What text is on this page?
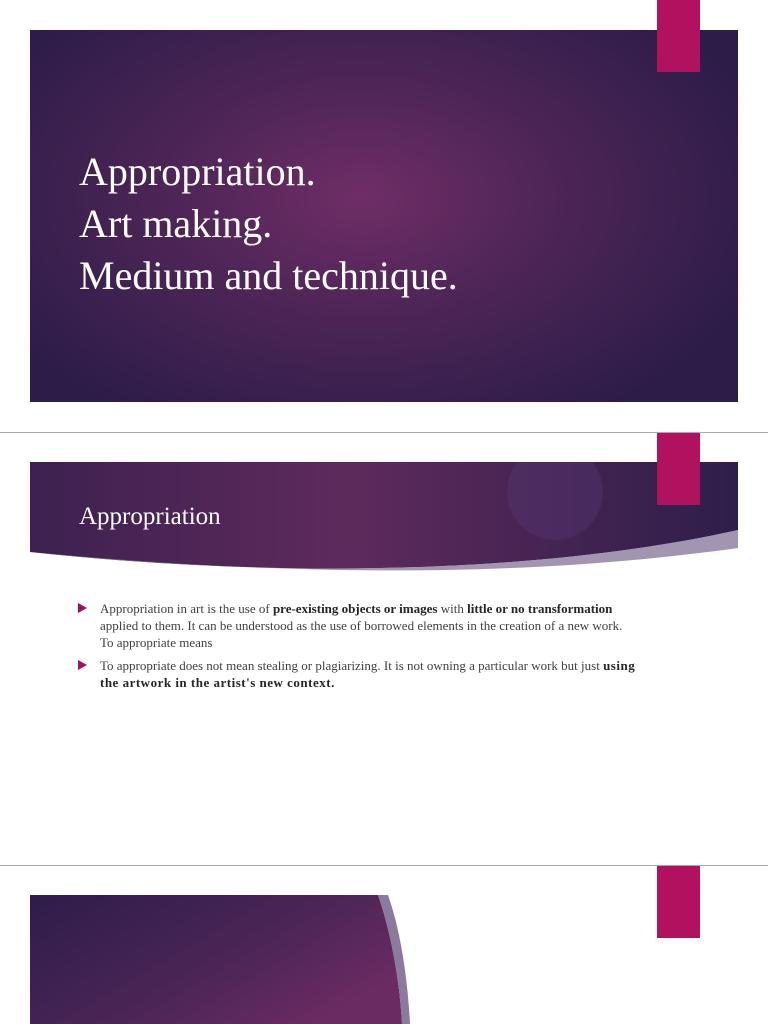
Appropriation.
Art making.
Medium and technique.
Appropriation
Appropriation in art is the use of pre-existing objects or images with little or no transformation applied to them. It can be understood as the use of borrowed elements in the creation of a new work. To appropriate means
To appropriate does not mean stealing or plagiarizing. It is not owning a particular work but just using the artwork in the artist's new context.
